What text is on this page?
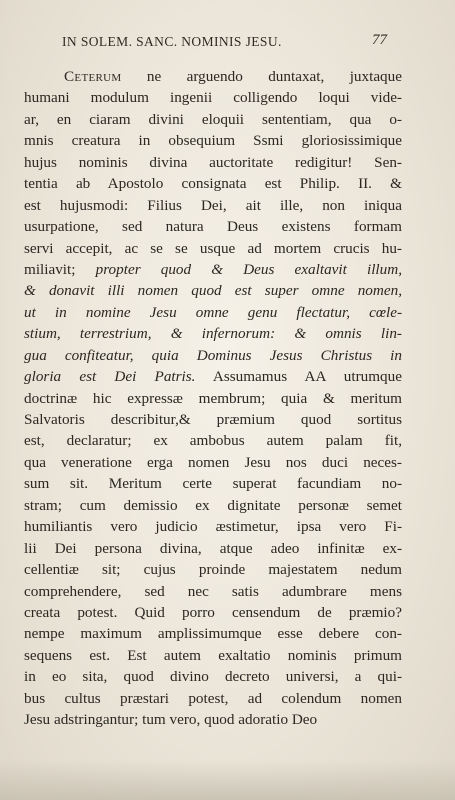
IN SOLEM. SANC. NOMINIS JESU.	77
Ceterum ne arguendo duntaxat, juxtaque
humani modulum ingenii colligendo loqui vide-
ar, en ciaram divini eloquii sententiam, qua o-
mnis creatura in obsequium Ssmi gloriosissimique
hujus nominis divina auctoritate redigitur! Sen-
tentia ab Apostolo consignata est Philip. II. &
est hujusmodi: Filius Dei, ait ille, non iniqua
usurpatione, sed natura Deus existens formam
servi accepit, ac se se usque ad mortem crucis hu-
miliavit; propter quod & Deus exaltavit illum,
& donavit illi nomen quod est super omne nomen,
ut in nomine Jesu omne genu flectatur, cœle-
stium, terrestrium, & infernorum: & omnis lin-
gua confiteatur, quia Dominus Jesus Christus in
gloria est Dei Patris. Assumamus AA utrumque
doctrinæ hic expressæ membrum; quia & meritum
Salvatoris describitur,& præmium quod sortitus
est, declaratur; ex ambobus autem palam fit,
qua veneratione erga nomen Jesu nos duci neces-
sum sit. Meritum certe superat facundiam no-
stram; cum demissio ex dignitate personæ semet
humiliantis vero judicio æstimetur, ipsa vero Fi-
lii Dei persona divina, atque adeo infinitæ ex-
cellentiæ sit; cujus proinde majestatem nedum
comprehendere, sed nec satis adumbrare mens
creata potest. Quid porro censendum de præmio?
nempe maximum amplissimumque esse debere con-
sequens est. Est autem exaltatio nominis primum
in eo sita, quod divino decreto universi, a qui-
bus cultus præstari potest, ad colendum nomen
Jesu adstringantur; tum vero, quod adoratio Deo
